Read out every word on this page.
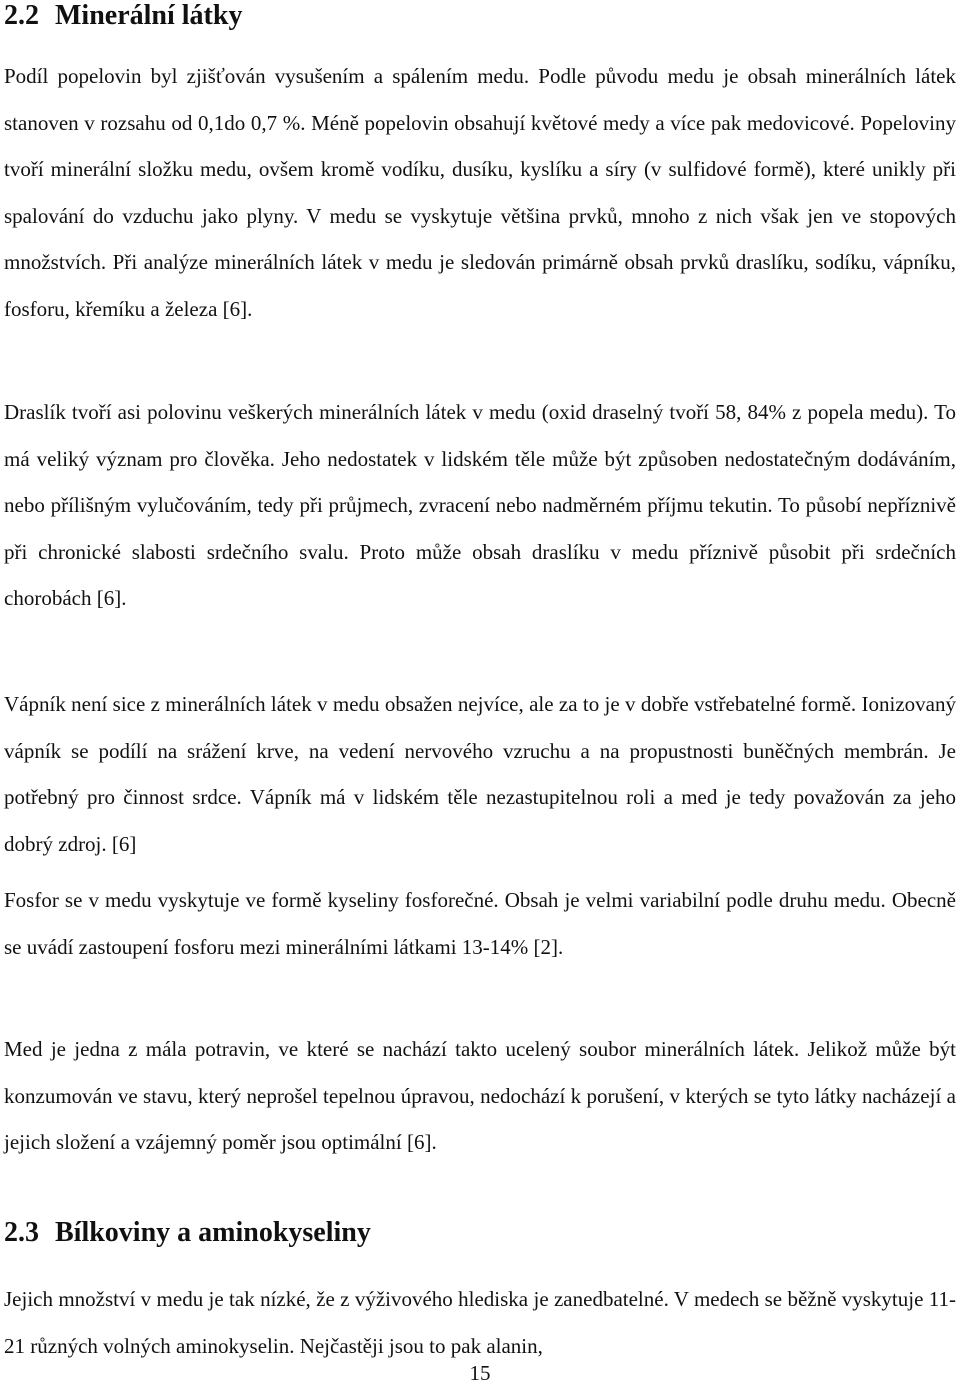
2.2 Minerální látky

Podíl popelovin byl zjišťován vysušením a spálením medu. Podle původu medu je obsah minerálních látek stanoven v rozsahu od 0,1do 0,7 %. Méně popelovin obsahují květové medy a více pak medovicové. Popeloviny tvoří minerální složku medu, ovšem kromě vodíku, dusíku, kyslíku a síry (v sulfidové formě), které unikly při spalování do vzduchu jako plyny. V medu se vyskytuje většina prvků, mnoho z nich však jen ve stopových množstvích. Při analýze minerálních látek v medu je sledován primárně obsah prvků draslíku, sodíku, vápníku, fosforu, křemíku a železa [6].

Draslík tvoří asi polovinu veškerých minerálních látek v medu (oxid draselný tvoří 58, 84% z popela medu). To má veliký význam pro člověka. Jeho nedostatek v lidském těle může být způsoben nedostatečným dodáváním, nebo přílišným vylučováním, tedy při průjmech, zvracení nebo nadměrném příjmu tekutin. To působí nepříznivě při chronické slabosti srdečního svalu. Proto může obsah draslíku v medu příznivě působit při srdečních chorobách [6].

Vápník není sice z minerálních látek v medu obsažen nejvíce, ale za to je v dobře vstřebatelné formě. Ionizovaný vápník se podílí na srážení krve, na vedení nervového vzruchu a na propustnosti buněčných membrán. Je potřebný pro činnost srdce. Vápník má v lidském těle nezastupitelnou roli a med je tedy považován za jeho dobrý zdroj. [6]

Fosfor se v medu vyskytuje ve formě kyseliny fosforečné. Obsah je velmi variabilní podle druhu medu. Obecně se uvádí zastoupení fosforu mezi minerálními látkami 13-14% [2].

Med je jedna z mála potravin, ve které se nachází takto ucelený soubor minerálních látek. Jelikož může být konzumován ve stavu, který neprošel tepelnou úpravou, nedochází k porušení, v kterých se tyto látky nacházejí a jejich složení a vzájemný poměr jsou optimální [6].

2.3 Bílkoviny a aminokyseliny

Jejich množství v medu je tak nízké, že z výživového hlediska je zanedbatelné. V medech se běžně vyskytuje 11-21 různých volných aminokyselin. Nejčastěji jsou to pak alanin,

15
